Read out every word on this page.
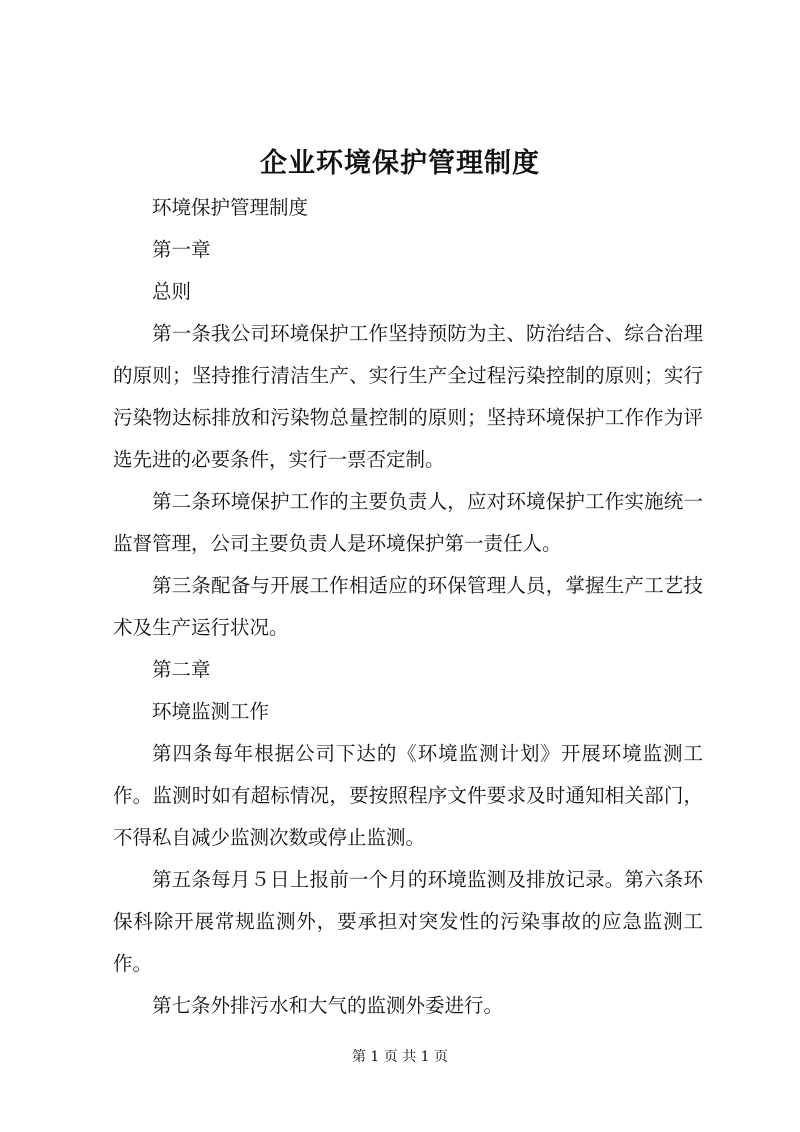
企业环境保护管理制度

环境保护管理制度

第一章

总则

第一条我公司环境保护工作坚持预防为主、防治结合、综合治理的原则；坚持推行清洁生产、实行生产全过程污染控制的原则；实行污染物达标排放和污染物总量控制的原则；坚持环境保护工作作为评选先进的必要条件，实行一票否定制。

第二条环境保护工作的主要负责人，应对环境保护工作实施统一监督管理，公司主要负责人是环境保护第一责任人。

第三条配备与开展工作相适应的环保管理人员，掌握生产工艺技术及生产运行状况。

第二章

环境监测工作

第四条每年根据公司下达的《环境监测计划》开展环境监测工作。监测时如有超标情况，要按照程序文件要求及时通知相关部门，不得私自减少监测次数或停止监测。

第五条每月５日上报前一个月的环境监测及排放记录。第六条环保科除开展常规监测外，要承担对突发性的污染事故的应急监测工作。

第七条外排污水和大气的监测外委进行。

第 1 页 共 1 页
